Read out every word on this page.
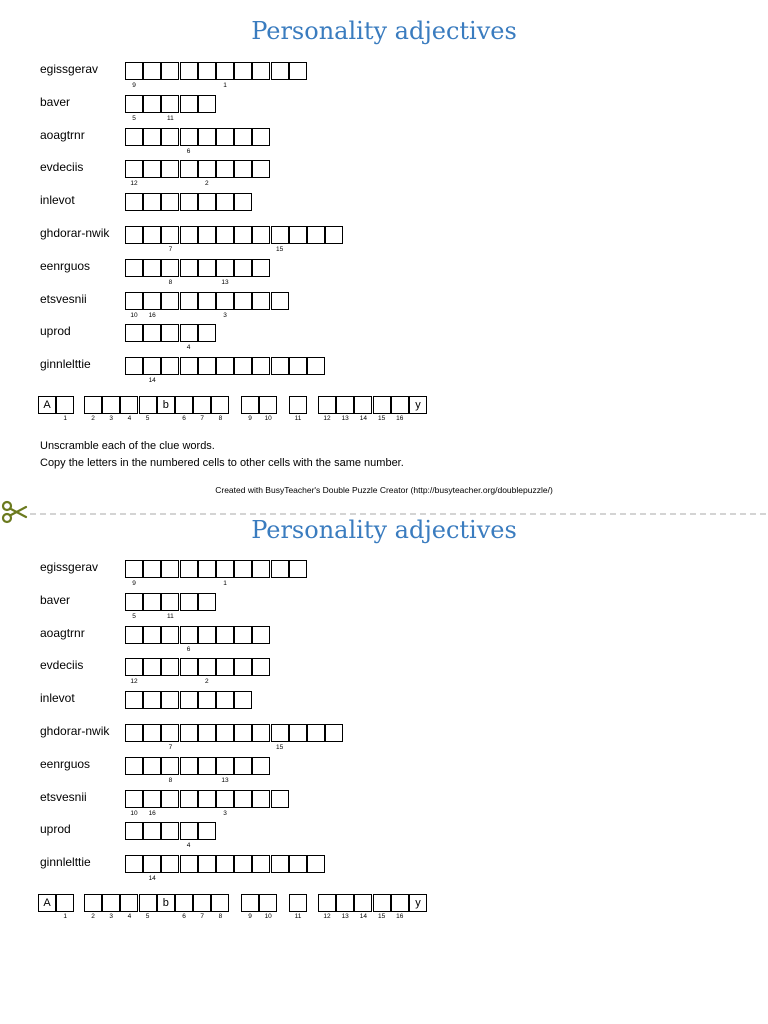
Personality adjectives
egissgerav
9	1
baver
5	11
aoagtrnr
6
evdeciis
12	2
inlevot
ghdorar-nwik
7	15
eenrguos
8	13
etsvesnii
10	16	3
uprod
4
ginnlelttie
14
A
1	2	3	4	5
b
6	7	8	9	10	11	12	13	14	15	16
y
Unscramble each of the clue words.
Copy the letters in the numbered cells to other cells with the same number.
Created with BusyTeacher's Double Puzzle Creator (http://busyteacher.org/doublepuzzle/)
Personality adjectives
egissgerav
9	1
baver
5	11
aoagtrnr
6
evdeciis
12	2
inlevot
ghdorar-nwik
7	15
eenrguos
8	13
etsvesnii
10	16	3
uprod
4
ginnlelttie
14
A
1	2	3	4	5
b
6	7	8	9	10	11	12	13	14	15	16
y
